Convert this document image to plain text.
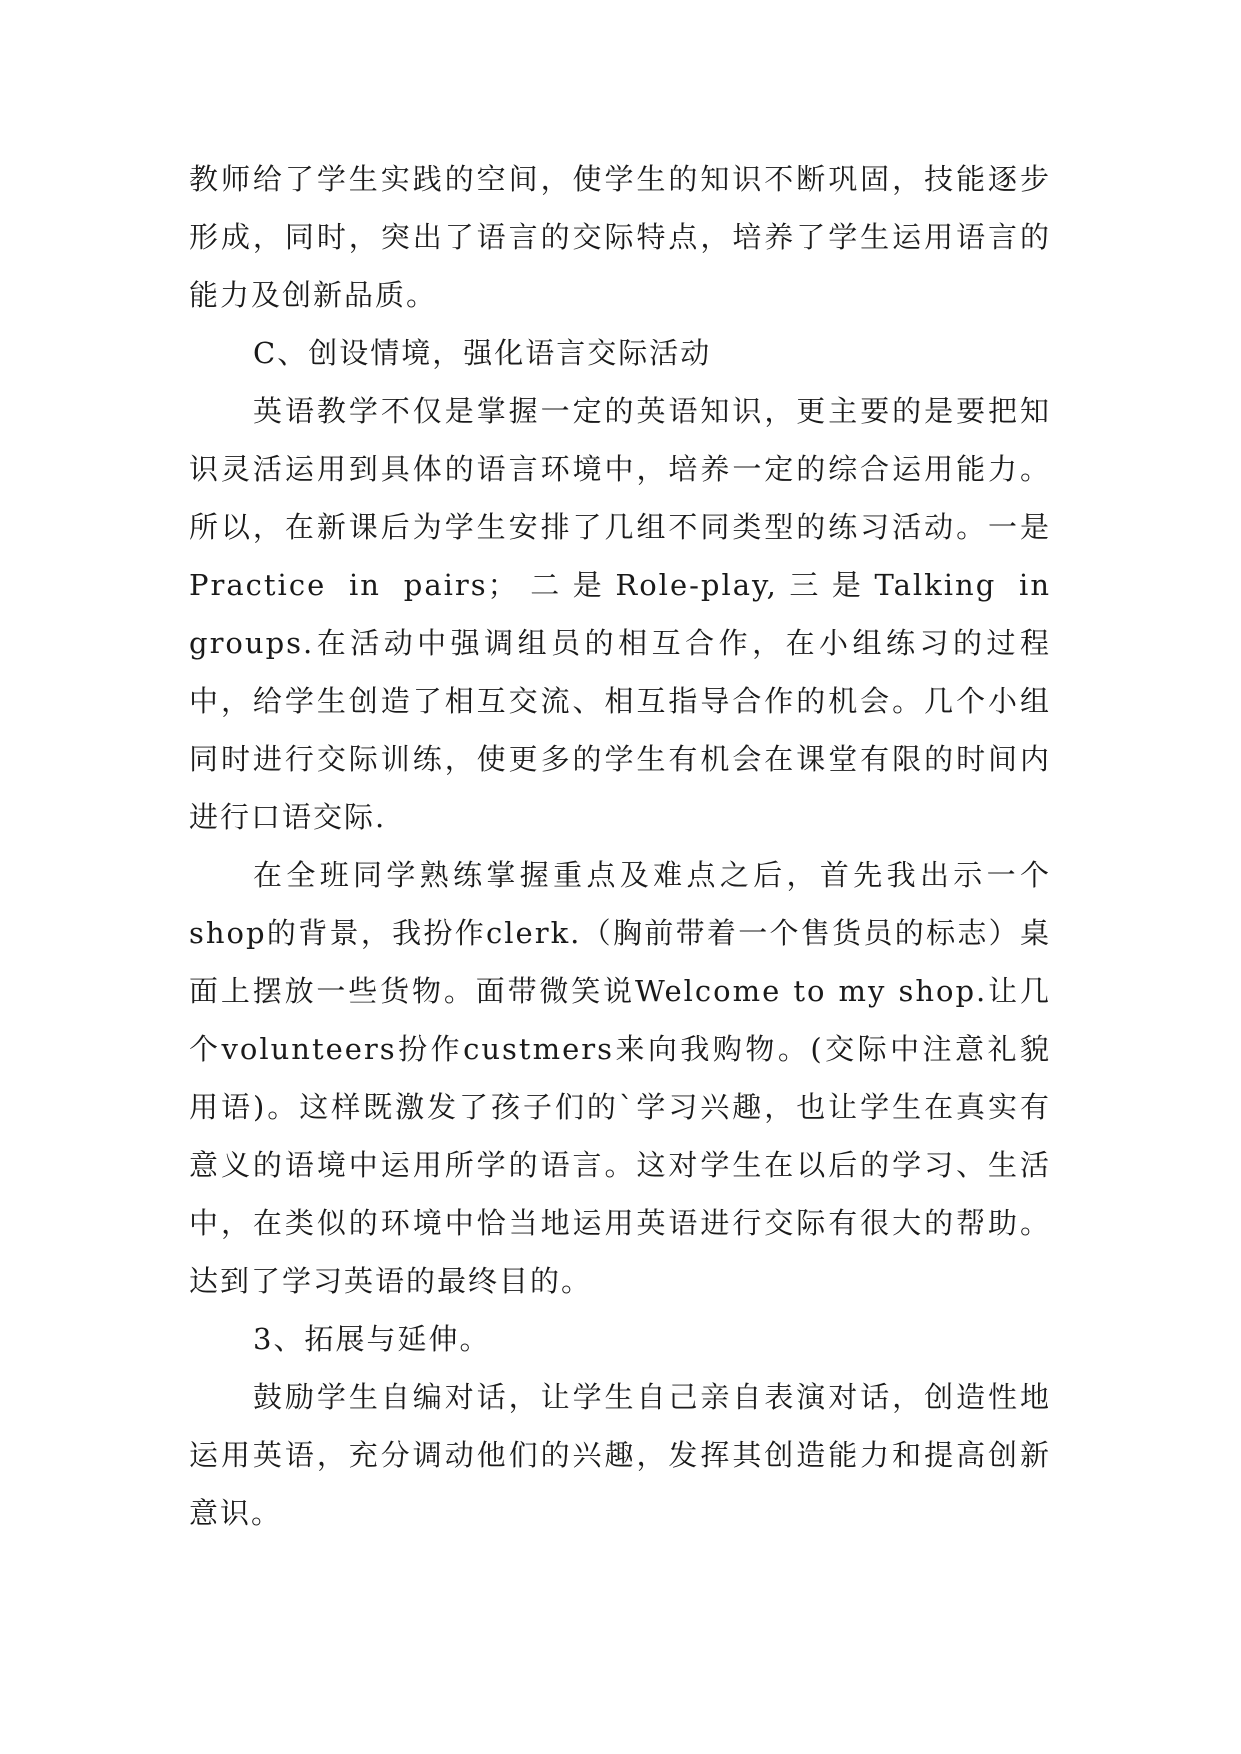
教师给了学生实践的空间，使学生的知识不断巩固，技能逐步形成，同时，突出了语言的交际特点，培养了学生运用语言的能力及创新品质。

C、创设情境，强化语言交际活动

英语教学不仅是掌握一定的英语知识，更主要的是要把知识灵活运用到具体的语言环境中，培养一定的综合运用能力。所以，在新课后为学生安排了几组不同类型的练习活动。一是Practice in pairs；二是Role-play,三是Talking in groups.在活动中强调组员的相互合作，在小组练习的过程中，给学生创造了相互交流、相互指导合作的机会。几个小组同时进行交际训练，使更多的学生有机会在课堂有限的时间内进行口语交际.

在全班同学熟练掌握重点及难点之后，首先我出示一个shop的背景，我扮作clerk.（胸前带着一个售货员的标志）桌面上摆放一些货物。面带微笑说Welcome to my shop.让几个volunteers扮作custmers来向我购物。(交际中注意礼貌用语)。这样既激发了孩子们的`学习兴趣，也让学生在真实有意义的语境中运用所学的语言。这对学生在以后的学习、生活中，在类似的环境中恰当地运用英语进行交际有很大的帮助。达到了学习英语的最终目的。

3、拓展与延伸。

鼓励学生自编对话，让学生自己亲自表演对话，创造性地运用英语，充分调动他们的兴趣，发挥其创造能力和提高创新意识。
